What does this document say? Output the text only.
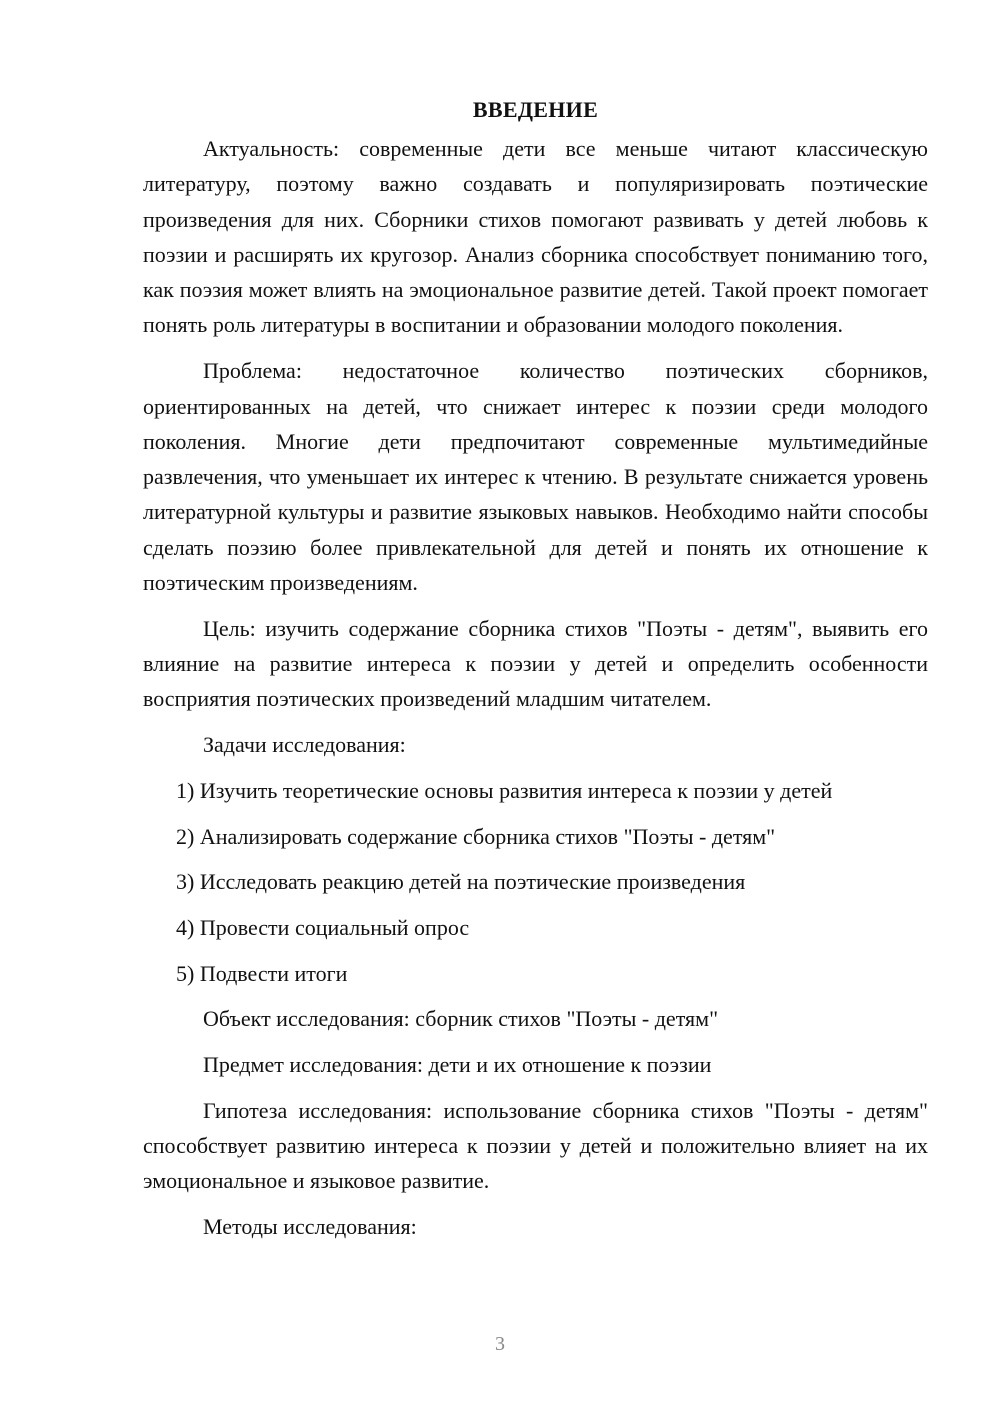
ВВЕДЕНИЕ

Актуальность: современные дети все меньше читают классическую литературу, поэтому важно создавать и популяризировать поэтические произведения для них. Сборники стихов помогают развивать у детей любовь к поэзии и расширять их кругозор. Анализ сборника способствует пониманию того, как поэзия может влиять на эмоциональное развитие детей. Такой проект помогает понять роль литературы в воспитании и образовании молодого поколения.

Проблема: недостаточное количество поэтических сборников, ориентированных на детей, что снижает интерес к поэзии среди молодого поколения. Многие дети предпочитают современные мультимедийные развлечения, что уменьшает их интерес к чтению. В результате снижается уровень литературной культуры и развитие языковых навыков. Необходимо найти способы сделать поэзию более привлекательной для детей и понять их отношение к поэтическим произведениям.

Цель: изучить содержание сборника стихов "Поэты - детям", выявить его влияние на развитие интереса к поэзии у детей и определить особенности восприятия поэтических произведений младшим читателем.

Задачи исследования:
1) Изучить теоретические основы развития интереса к поэзии у детей
2) Анализировать содержание сборника стихов "Поэты - детям"
3) Исследовать реакцию детей на поэтические произведения
4) Провести социальный опрос
5) Подвести итоги
Объект исследования: сборник стихов "Поэты - детям"
Предмет исследования: дети и их отношение к поэзии

Гипотеза исследования: использование сборника стихов "Поэты - детям" способствует развитию интереса к поэзии у детей и положительно влияет на их эмоциональное и языковое развитие.

Методы исследования:
3
